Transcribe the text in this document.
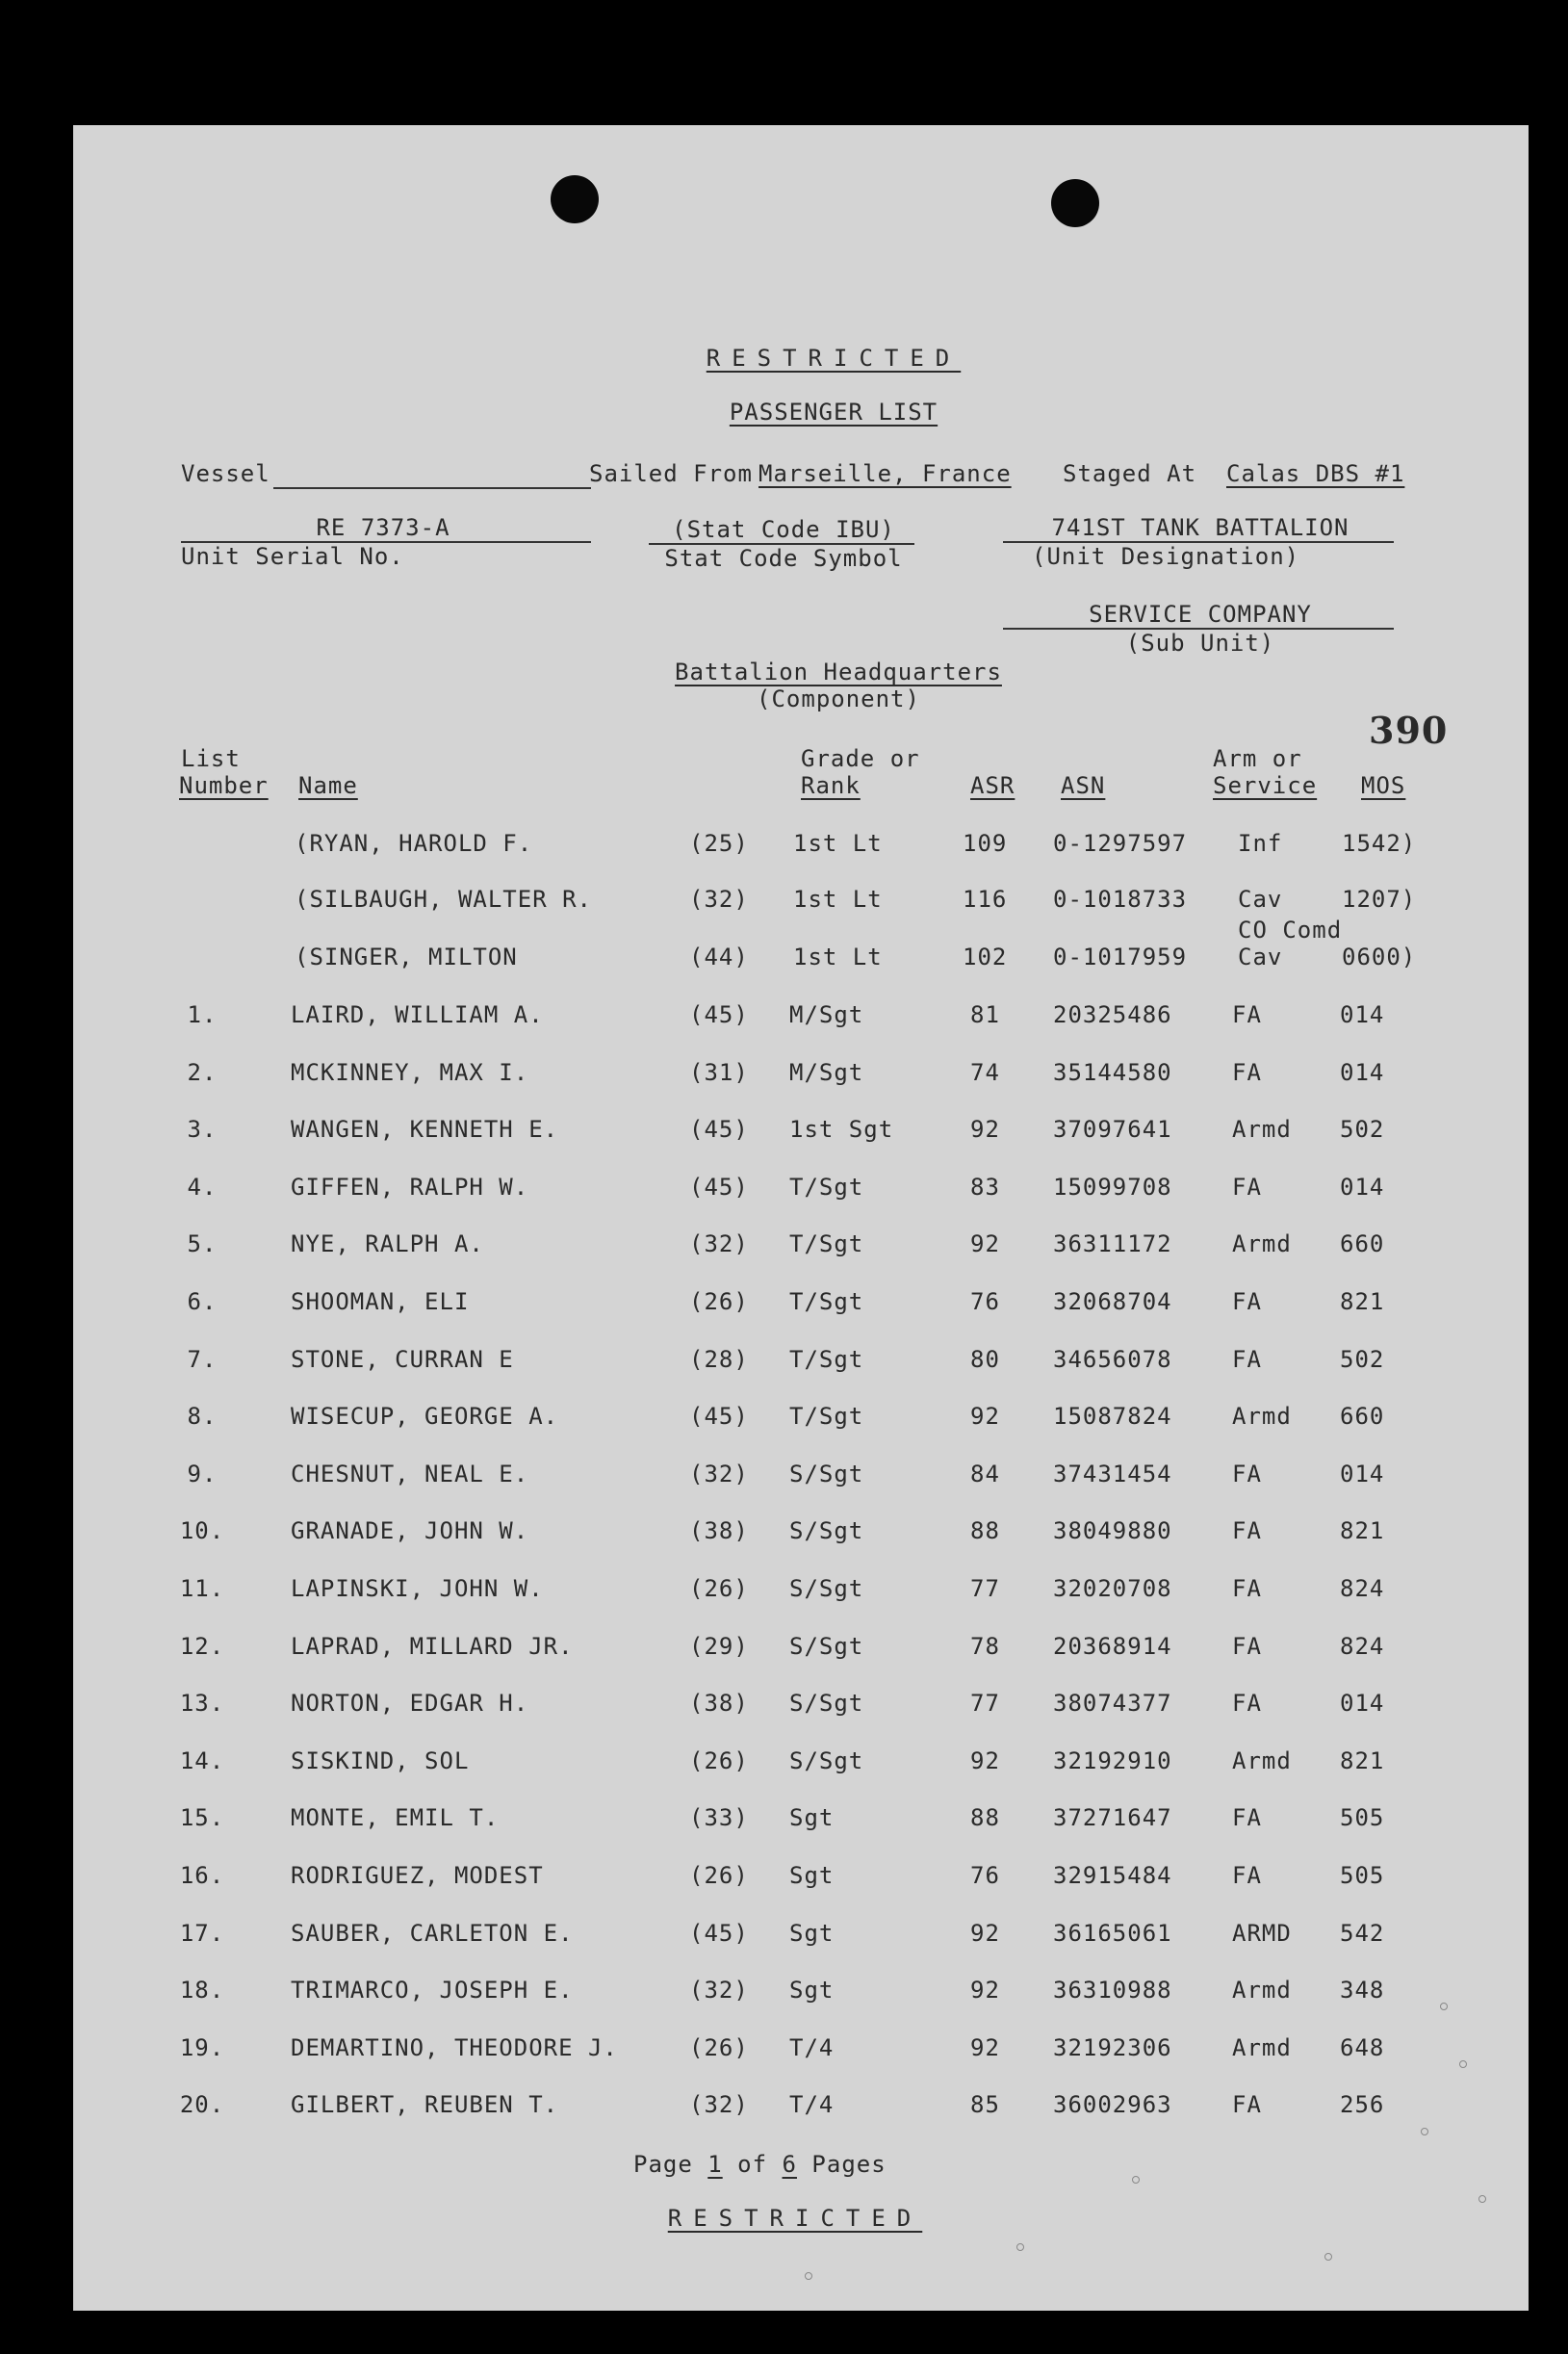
RESTRICTED
PASSENGER LIST
Vessel	Sailed From Marseille, France Staged At Calas DBS #1
RE 7373-A
Unit Serial No.
(Stat Code IBU)
Stat Code Symbol
741ST TANK BATTALION
(Unit Designation)
SERVICE COMPANY
(Sub Unit)
Battalion Headquarters
(Component)
390
List
Number Name
Grade or
Rank	ASR ASN
Arm or
Service MOS
(RYAN, HAROLD F.	(25) 1st Lt	109 0-1297597 Inf	1542)
(SILBAUGH, WALTER R.	(32) 1st Lt	116 0-1018733 Cav	1207)
CO Comd
(SINGER, MILTON	(44) 1st Lt	102 0-1017959 Cav	0600)
1.	LAIRD, WILLIAM A.	(45) M/Sgt	81 20325486	FA	014
2.	MCKINNEY, MAX I.	(31) M/Sgt	74 35144580	FA	014
3.	WANGEN, KENNETH E.	(45) 1st Sgt	92 37097641	Armd 502
4.	GIFFEN, RALPH W.	(45) T/Sgt	83 15099708	FA	014
5.	NYE, RALPH A.	(32) T/Sgt	92 36311172	Armd 660
6.	SHOOMAN, ELI	(26) T/Sgt	76 32068704	FA	821
7.	STONE, CURRAN E	(28) T/Sgt	80 34656078	FA	502
8.	WISECUP, GEORGE A.	(45) T/Sgt	92 15087824	Armd 660
9.	CHESNUT, NEAL E.	(32) S/Sgt	84 37431454	FA	014
10.	GRANADE, JOHN W.	(38) S/Sgt	88 38049880	FA	821
11.	LAPINSKI, JOHN W.	(26) S/Sgt	77 32020708	FA	824
12.	LAPRAD, MILLARD JR.	(29) S/Sgt	78 20368914	FA	824
13.	NORTON, EDGAR H.	(38) S/Sgt	77 38074377	FA	014
14.	SISKIND, SOL	(26) S/Sgt	92 32192910	Armd 821
15.	MONTE, EMIL T.	(33) Sgt	88 37271647	FA	505
16.	RODRIGUEZ, MODEST	(26) Sgt	76 32915484	FA	505
17.	SAUBER, CARLETON E.	(45) Sgt	92 36165061	ARMD 542
18.	TRIMARCO, JOSEPH E.	(32) Sgt	92 36310988	Armd 348
19.	DEMARTINO, THEODORE J.	(26) T/4	92 32192306	Armd 648
20.	GILBERT, REUBEN T.	(32) T/4	85 36002963	FA	256
Page 1 of 6 Pages
RESTRICTED
